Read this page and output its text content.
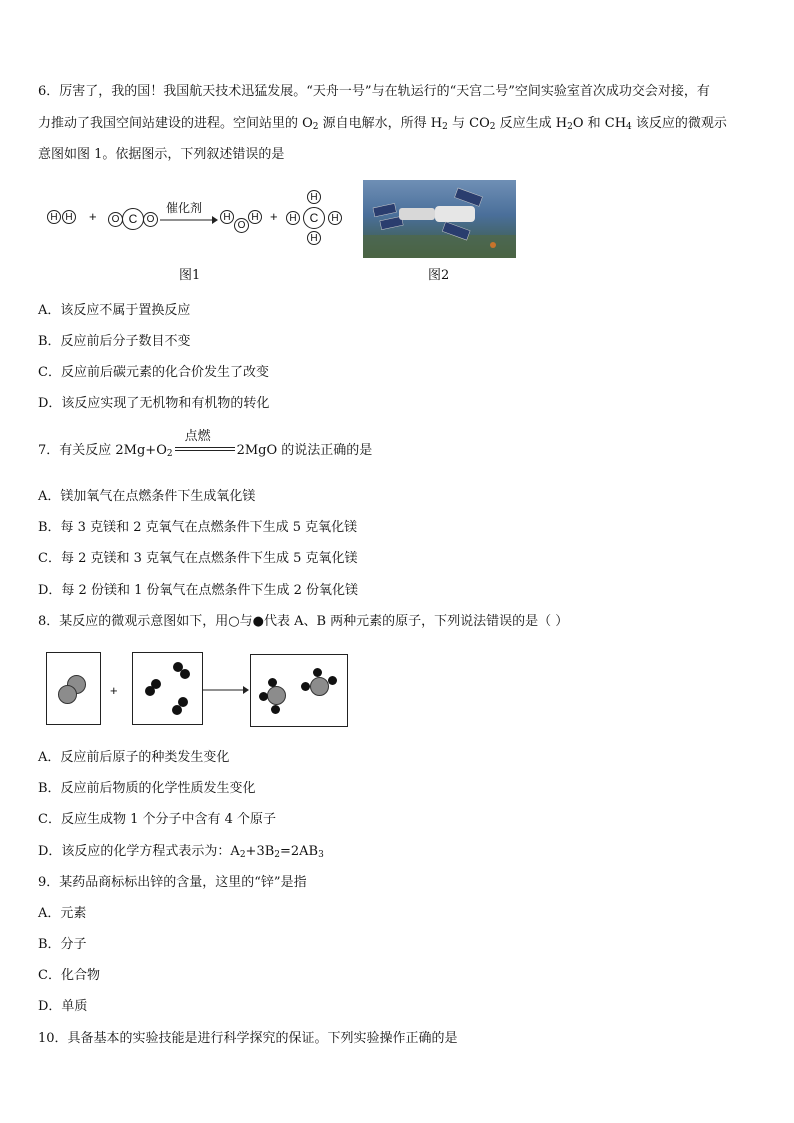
6．厉害了，我的国！我国航天技术迅猛发展。“天舟一号”与在轨运行的“天宫二号”空间实验室首次成功交会对接，有
力推动了我国空间站建设的进程。空间站里的 $O_2$ 源自电解水，所得 $H_2$ 与 $CO_2$ 反应生成 $H_2O$ 和 $CH_4$ 该反应的微观示
意图如图 1。依据图示，下列叙述错误的是
H H +	O C O
催化剂
H
O
H +
H
H	C	H
H
图1	图2
A．该反应不属于置换反应
B．反应前后分子数目不变
C．反应前后碳元素的化合价发生了改变
D．该反应实现了无机物和有机物的转化
7．有关反应 $2Mg+O_2$
点燃
2MgO 的说法正确的是
A．镁加氧气在点燃条件下生成氧化镁
B．每 3 克镁和 2 克氧气在点燃条件下生成 5 克氧化镁
C．每 2 克镁和 3 克氧气在点燃条件下生成 5 克氧化镁
D．每 2 份镁和 1 份氧气在点燃条件下生成 2 份氧化镁
8．某反应的微观示意图如下，用○与●代表 A、B 两种元素的原子，下列说法错误的是（ ）
+
A．反应前后原子的种类发生变化
B．反应前后物质的化学性质发生变化
C．反应生成物 1 个分子中含有 4 个原子
D．该反应的化学方程式表示为：$A_2+3B_2=2AB_3$
9．某药品商标标出锌的含量，这里的“锌”是指
A．元素
B．分子
C．化合物
D．单质
10．具备基本的实验技能是进行科学探究的保证。下列实验操作正确的是
